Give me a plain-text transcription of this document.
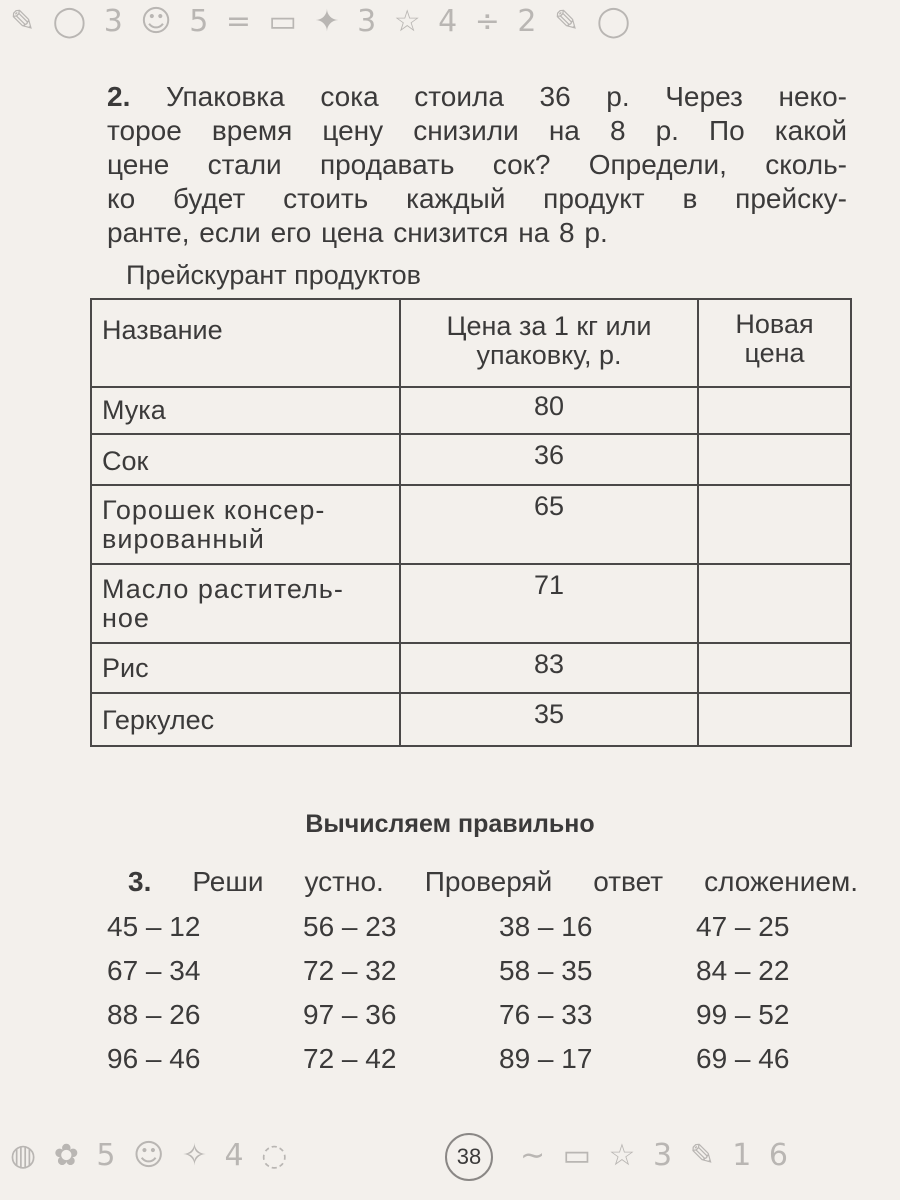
✎ ◯ 3 ☺ 5 = ▭ ✦ 3 ☆ 4 ÷ 2 ✎ ◯
2. Упаковка сока стоила 36 р. Через неко-
торое время цену снизили на 8 р. По какой
цене стали продавать сок? Определи, сколь-
ко будет стоить каждый продукт в прейску-
ранте, если его цена снизится на 8 р.
Прейскурант продуктов
Название	Цена за 1 кг или упаковку, р.	Новая цена
Мука	80	
Сок	36	
Горошек консер-вированный	65	
Масло раститель-ное	71	
Рис	83	
Геркулес	35	
Вычисляем правильно
3. Реши устно. Проверяй ответ сложением.
45 – 12	56 – 23	38 – 16	47 – 25
67 – 34	72 – 32	58 – 35	84 – 22
88 – 26	97 – 36	76 – 33	99 – 52
96 – 46	72 – 42	89 – 17	69 – 46
◍ ✿ 5 ☺ ✧ 4 ◌	38	∼ ▭ ☆ 3 ✎ 1 6
